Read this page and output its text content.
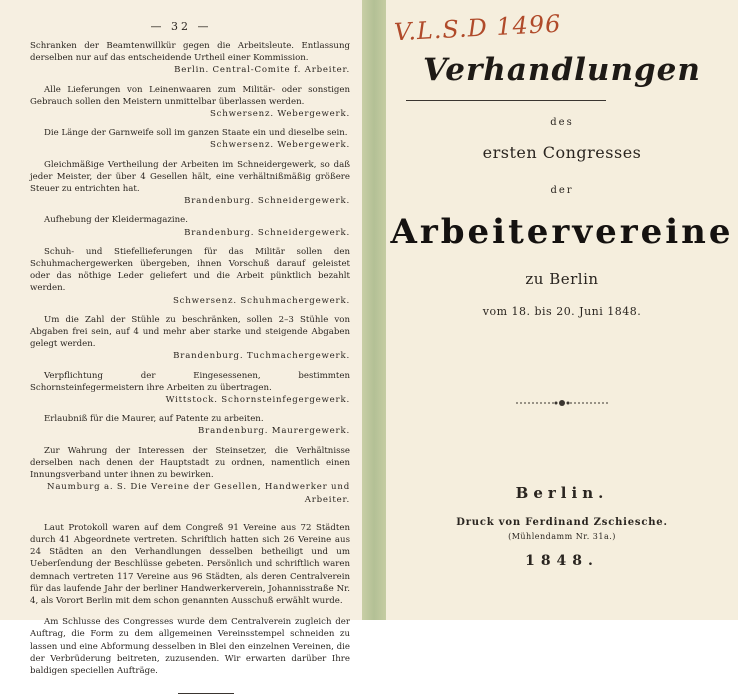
— 32 —

Schranken der Beamtenwillkür gegen die Arbeitsleute. Entlassung derselben nur auf das entscheidende Urtheil einer Kommission.

Berlin. Central-Comite f. Arbeiter.

Alle Lieferungen von Leinenwaaren zum Militär- oder sonstigen Gebrauch sollen den Meistern unmittelbar überlassen werden.

Schwersenz. Webergewerk.

Die Länge der Garnweife soll im ganzen Staate ein und dieselbe sein.

Schwersenz. Webergewerk.

Gleichmäßige Vertheilung der Arbeiten im Schneidergewerk, so daß jeder Meister, der über 4 Gesellen hält, eine verhältnißmäßig größere Steuer zu entrichten hat.

Brandenburg. Schneidergewerk.

Aufhebung der Kleidermagazine.

Brandenburg. Schneidergewerk.

Schuh- und Stiefellieferungen für das Militär sollen den Schuhmachergewerken übergeben, ihnen Vorschuß darauf geleistet oder das nöthige Leder geliefert und die Arbeit pünktlich bezahlt werden.

Schwersenz. Schuhmachergewerk.

Um die Zahl der Stühle zu beschränken, sollen 2–3 Stühle von Abgaben frei sein, auf 4 und mehr aber starke und steigende Abgaben gelegt werden.

Brandenburg. Tuchmachergewerk.

Verpflichtung der Eingesessenen, bestimmten Schornsteinfegermeistern ihre Arbeiten zu übertragen.

Wittstock. Schornsteinfegergewerk.

Erlaubniß für die Maurer, auf Patente zu arbeiten.

Brandenburg. Maurergewerk.

Zur Wahrung der Interessen der Steinsetzer, die Verhältnisse derselben nach denen der Hauptstadt zu ordnen, namentlich einen Innungsverband unter ihnen zu bewirken.

Naumburg a. S. Die Vereine der Gesellen, Handwerker und Arbeiter.

Laut Protokoll waren auf dem Congreß 91 Vereine aus 72 Städten durch 41 Abgeordnete vertreten. Schriftlich hatten sich 26 Vereine aus 24 Städten an den Verhandlungen desselben betheiligt und um Ueberſendung der Beschlüsse gebeten. Persönlich und schriftlich waren demnach vertreten 117 Vereine aus 96 Städten, als deren Centralverein für das laufende Jahr der berliner Handwerkerverein, Johannisstraße Nr. 4, als Vorort Berlin mit dem schon genannten Ausschuß erwählt wurde.

Am Schlusse des Congresses wurde dem Centralverein zugleich der Auftrag, die Form zu dem allgemeinen Vereinsstempel schneiden zu lassen und eine Abformung desselben in Blei den einzelnen Vereinen, die der Verbrüderung beitreten, zuzusenden. Wir erwarten darüber Ihre baldigen speciellen Aufträge.

V.L.S.D 1496
Verhandlungen
des
ersten Congresses
der
Arbeitervereine
zu Berlin
vom 18. bis 20. Juni 1848.
Berlin.
Druck von Ferdinand Zschiesche.
(Mühlendamm Nr. 31a.)
1848.
